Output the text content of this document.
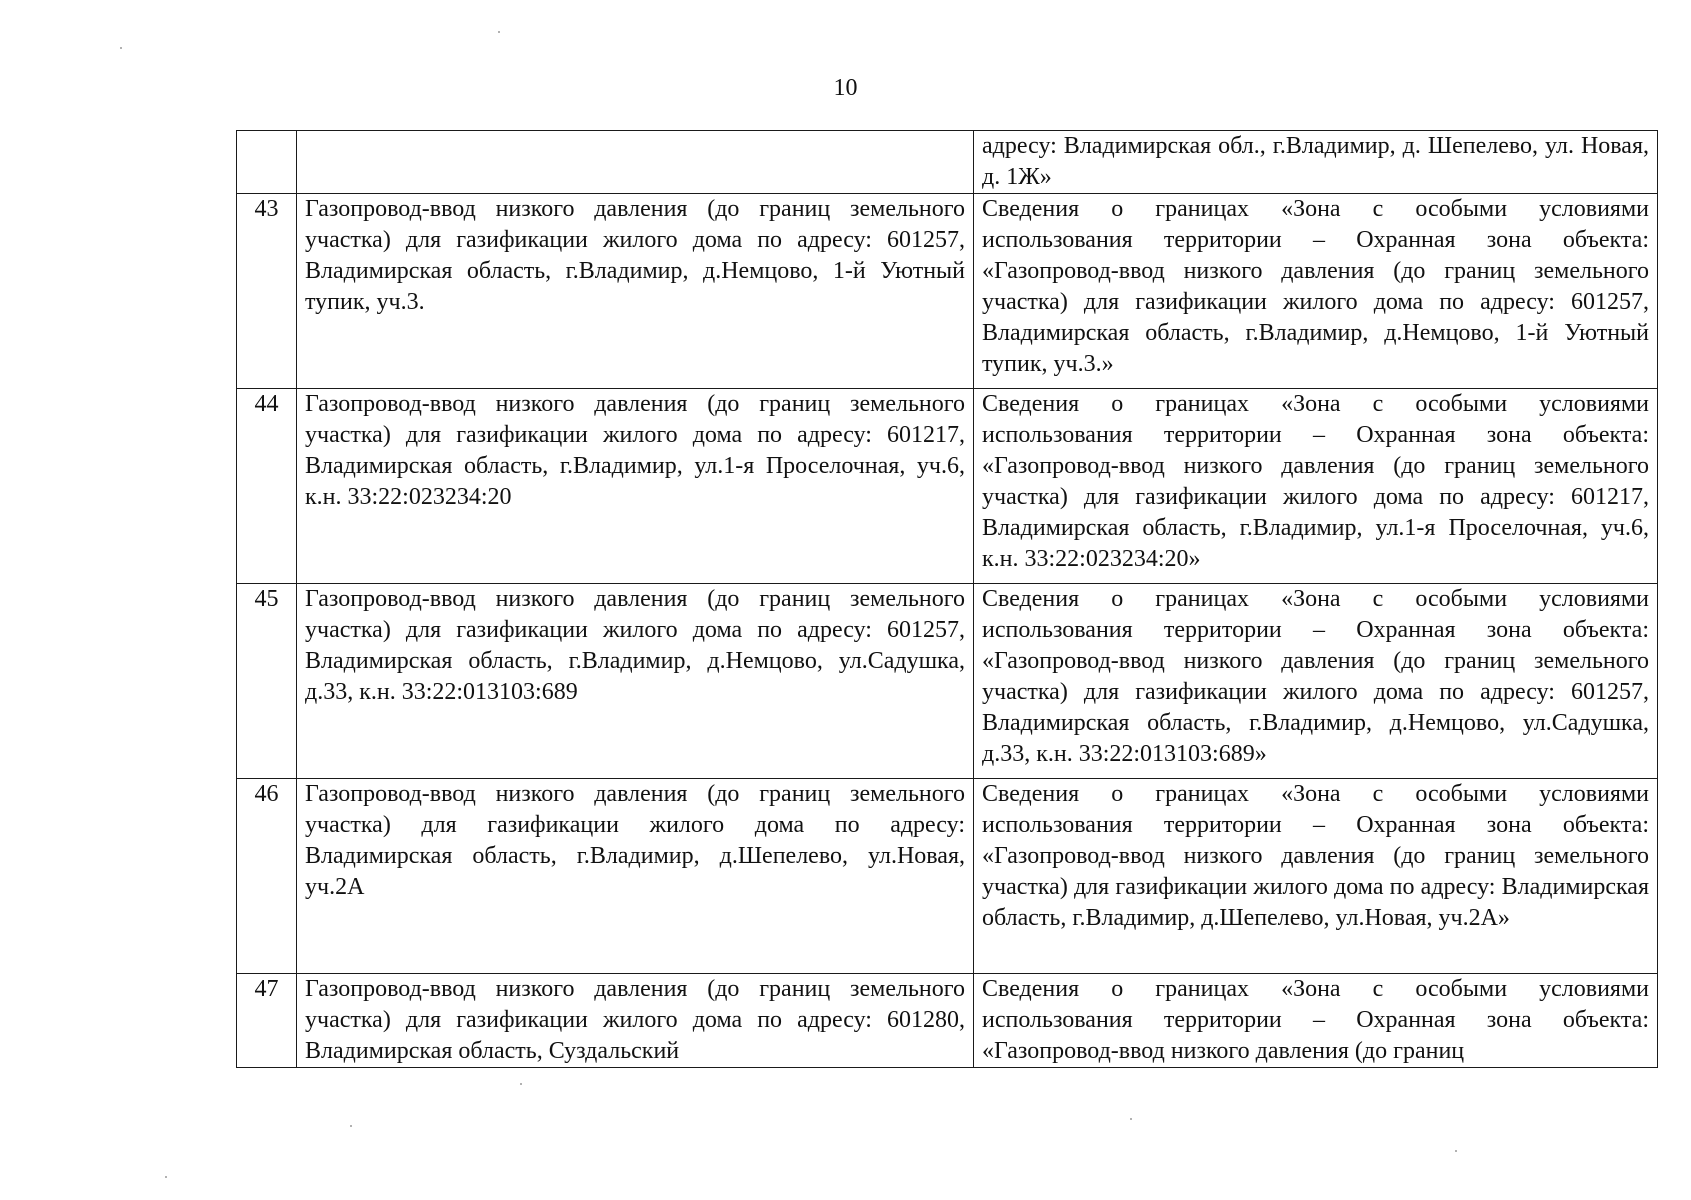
10

		адресу: Владимирская обл., г.Владимир, д. Шепелево, ул. Новая, д. 1Ж»

43	Газопровод-ввод низкого давления (до границ земельного участка) для газификации жилого дома по адресу: 601257, Владимирская область, г.Владимир, д.Немцово, 1-й Уютный тупик, уч.3.	Сведения о границах «Зона с особыми условиями использования территории – Охранная зона объекта: «Газопровод-ввод низкого давления (до границ земельного участка) для газификации жилого дома по адресу: 601257, Владимирская область, г.Владимир, д.Немцово, 1-й Уютный тупик, уч.3.»

44	Газопровод-ввод низкого давления (до границ земельного участка) для газификации жилого дома по адресу: 601217, Владимирская область, г.Владимир, ул.1-я Проселочная, уч.6, к.н. 33:22:023234:20	Сведения о границах «Зона с особыми условиями использования территории – Охранная зона объекта: «Газопровод-ввод низкого давления (до границ земельного участка) для газификации жилого дома по адресу: 601217, Владимирская область, г.Владимир, ул.1-я Проселочная, уч.6, к.н. 33:22:023234:20»

45	Газопровод-ввод низкого давления (до границ земельного участка) для газификации жилого дома по адресу: 601257, Владимирская область, г.Владимир, д.Немцово, ул.Садушка, д.33, к.н. 33:22:013103:689	Сведения о границах «Зона с особыми условиями использования территории – Охранная зона объекта: «Газопровод-ввод низкого давления (до границ земельного участка) для газификации жилого дома по адресу: 601257, Владимирская область, г.Владимир, д.Немцово, ул.Садушка, д.33, к.н. 33:22:013103:689»

46	Газопровод-ввод низкого давления (до границ земельного участка) для газификации жилого дома по адресу: Владимирская область, г.Владимир, д.Шепелево, ул.Новая, уч.2А	Сведения о границах «Зона с особыми условиями использования территории – Охранная зона объекта: «Газопровод-ввод низкого давления (до границ земельного участка) для газификации жилого дома по адресу: Владимирская область, г.Владимир, д.Шепелево, ул.Новая, уч.2А»

47	Газопровод-ввод низкого давления (до границ земельного участка) для газификации жилого дома по адресу: 601280, Владимирская область, Суздальский	Сведения о границах «Зона с особыми условиями использования территории – Охранная зона объекта: «Газопровод-ввод низкого давления (до границ
